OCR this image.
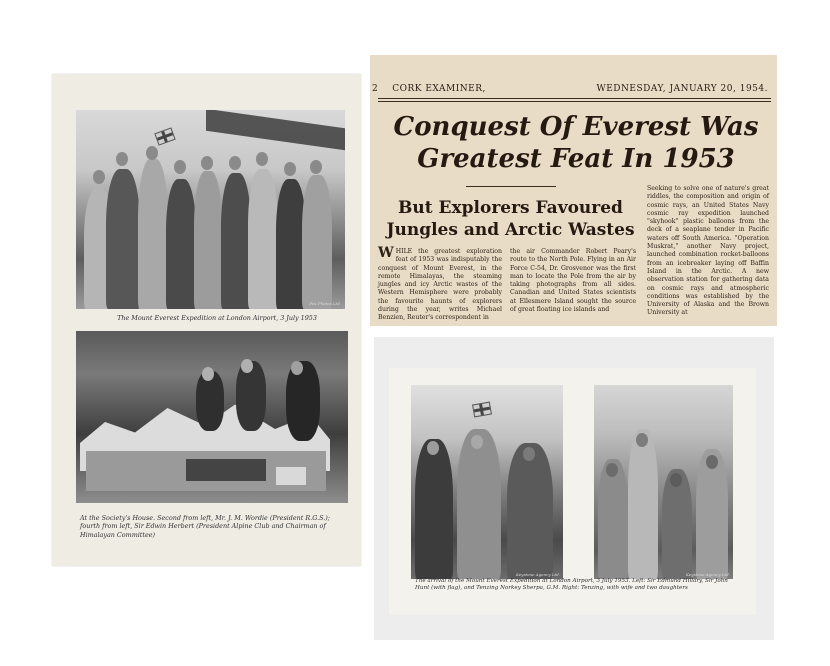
Fox Photos Ltd.
The Mount Everest Expedition at London Airport, 3 July 1953
At the Society's House. Second from left, Mr. J. M. Wordie (President R.G.S.); fourth from left, Sir Edwin Herbert (President Alpine Club and Chairman of Himalayan Committee)
2	CORK EXAMINER,	WEDNESDAY, JANUARY 20, 1954.
Conquest Of Everest Was
Greatest Feat In 1953
But Explorers Favoured
Jungles and Arctic Wastes
WHILE the greatest exploration feat of 1953 was indisputably the conquest of Mount Everest, in the remote Himalayas, the steaming jungles and icy Arctic wastes of the Western Hemisphere were probably the favourite haunts of explorers during the year, writes Michael Benzien, Reuter's correspondent in
the air Commander Robert Peary's route to the North Pole. Flying in an Air Force C-54, Dr. Grosvenor was the first man to locate the Pole from the air by taking photographs from all sides. Canadian and United States scientists at Ellesmere Island sought the source of great floating ice islands and
Seeking to solve one of nature's great riddles, the composition and origin of cosmic rays, an United States Navy cosmic ray expedition launched "skyhook" plastic balloons from the deck of a seaplane tender in Pacific waters off South America. "Operation Muskrat," another Navy project, launched combination rocket-balloons from an icebreaker laying off Baffin Island in the Arctic. A new observation station for gathering data on cosmic rays and atmospheric conditions was established by the University of Alaska and the Brown University at
Keystone Agency Ltd.	Keystone Agency Ltd.
The arrival of the Mount Everest Expedition at London Airport, 3 July 1953. Left: Sir Edmund Hillary, Sir John Hunt (with flag), and Tenzing Norkey Sherpa, G.M. Right: Tenzing, with wife and two daughters
